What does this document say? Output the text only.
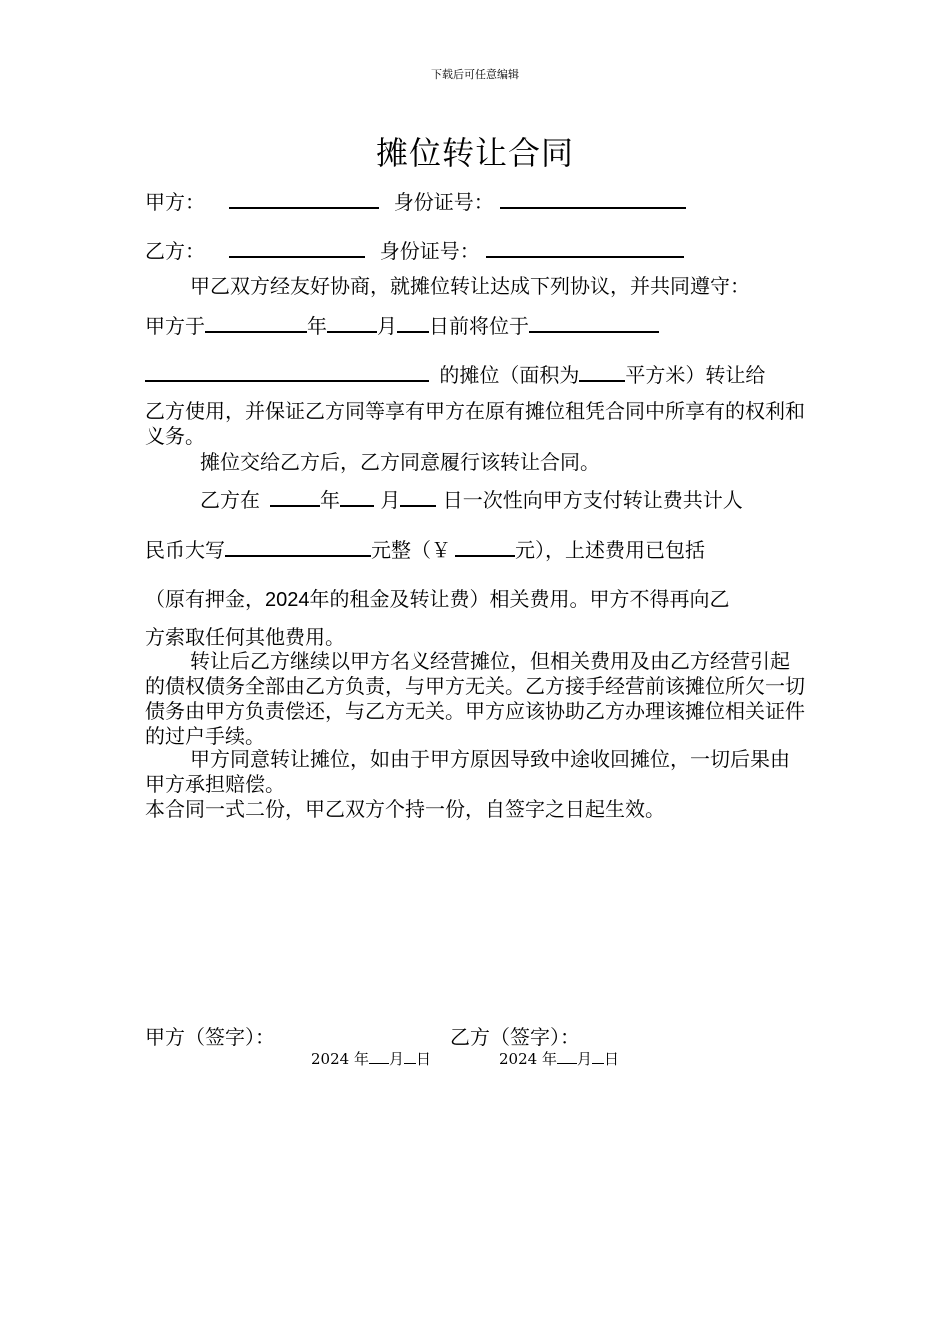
下载后可任意编辑
摊位转让合同
甲方：	身份证号：
乙方：	身份证号：
甲乙双方经友好协商，就摊位转让达成下列协议，并共同遵守：
甲方于	年	月 日前将位于
的摊位（面积为 平方米）转让给
乙方使用，并保证乙方同等享有甲方在原有摊位租凭合同中所享有的权利和义务。
摊位交给乙方后，乙方同意履行该转让合同。
乙方在	年 月 日一次性向甲方支付转让费共计人
民币大写	元整（￥	元），上述费用已包括
（原有押金，2024年的租金及转让费）相关费用。甲方不得再向乙
方索取任何其他费用。
转让后乙方继续以甲方名义经营摊位，但相关费用及由乙方经营引起的债权债务全部由乙方负责，与甲方无关。乙方接手经营前该摊位所欠一切债务由甲方负责偿还，与乙方无关。甲方应该协助乙方办理该摊位相关证件的过户手续。
甲方同意转让摊位，如由于甲方原因导致中途收回摊位，一切后果由甲方承担赔偿。
本合同一式二份，甲乙双方个持一份，自签字之日起生效。
甲方（签字）：	乙方（签字）：
2024 年 月 日	2024 年 月 日
